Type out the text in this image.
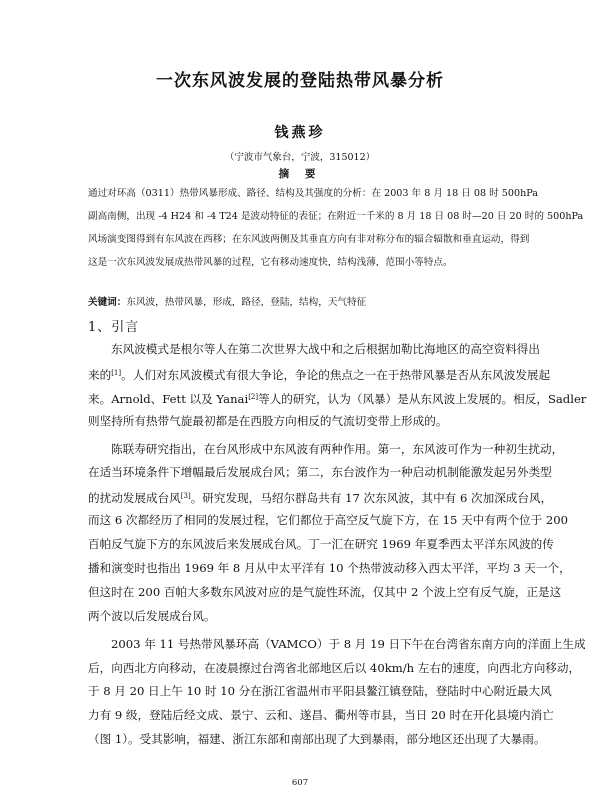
一次东风波发展的登陆热带风暴分析
钱燕珍
（宁波市气象台，宁波，315012）
摘 要
通过对环高（0311）热带风暴形成、路径、结构及其强度的分析：在 2003 年 8 月 18 日 08 时 500hPa
副高南侧，出现 -4 H24 和 -4 T24 是波动特征的表征；在附近一千米的 8 月 18 日 08 时—20 日 20 时的 500hPa
风场演变图得到有东风波在西移；在东风波两侧及其垂直方向有非对称分布的辐合辐散和垂直运动，得到
这是一次东风波发展成热带风暴的过程，它有移动速度快，结构浅薄，范围小等特点。
关键词：东风波，热带风暴，形成，路径，登陆，结构，天气特征
1、引言
东风波模式是根尔等人在第二次世界大战中和之后根据加勒比海地区的高空资料得出
来的[1]。人们对东风波模式有很大争论，争论的焦点之一在于热带风暴是否从东风波发展起
来。Arnold、Fett 以及 Yanai[2]等人的研究，认为（风暴）是从东风波上发展的。相反，Sadler
则坚持所有热带气旋最初都是在西股方向相反的气流切变带上形成的。
陈联寿研究指出，在台风形成中东风波有两种作用。第一，东风波可作为一种初生扰动，
在适当环境条件下增幅最后发展成台风；第二，东台波作为一种启动机制能激发起另外类型
的扰动发展成台风[3]。研究发现，马绍尔群岛共有 17 次东风波，其中有 6 次加深成台风，
而这 6 次都经历了相同的发展过程，它们都位于高空反气旋下方，在 15 天中有两个位于 200
百帕反气旋下方的东风波后来发展成台风。丁一汇在研究 1969 年夏季西太平洋东风波的传
播和演变时也指出 1969 年 8 月从中太平洋有 10 个热带波动移入西太平洋，平均 3 天一个，
但这时在 200 百帕大多数东风波对应的是气旋性环流，仅其中 2 个波上空有反气旋，正是这
两个波以后发展成台风。
2003 年 11 号热带风暴环高（VAMCO）于 8 月 19 日下午在台湾省东南方向的洋面上生成
后，向西北方向移动，在凌晨擦过台湾省北部地区后以 40km/h 左右的速度，向西北方向移动，
于 8 月 20 日上午 10 时 10 分在浙江省温州市平阳县鳌江镇登陆，登陆时中心附近最大风
力有 9 级，登陆后经文成、景宁、云和、遂昌、衢州等市县，当日 20 时在开化县境内消亡
（图 1）。受其影响，福建、浙江东部和南部出现了大到暴雨，部分地区还出现了大暴雨。
607
